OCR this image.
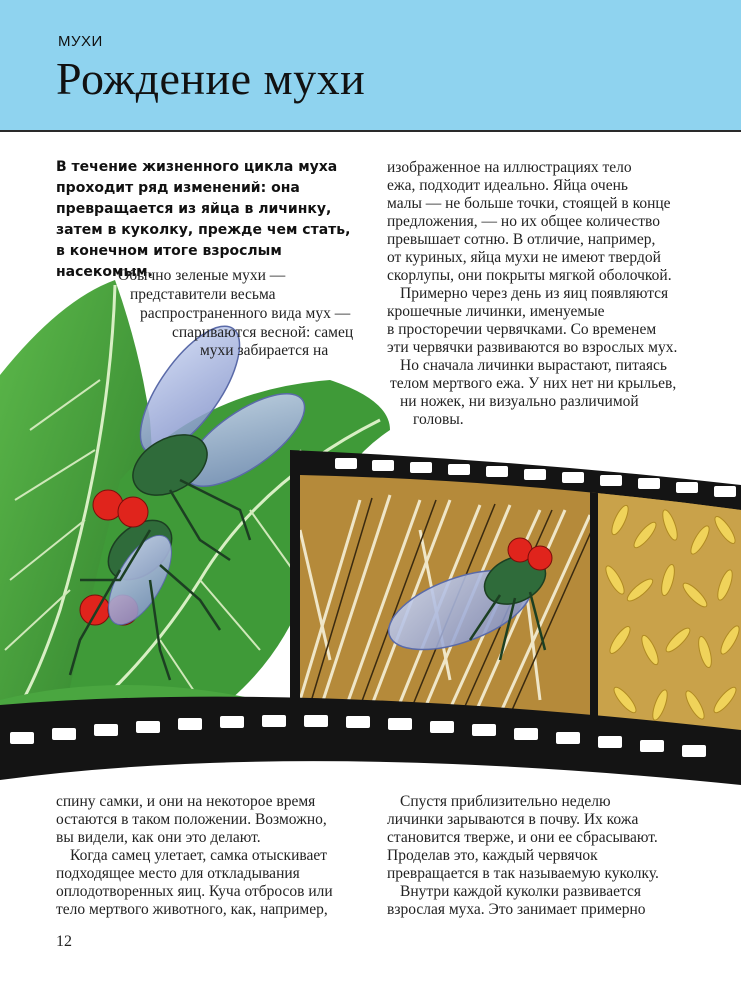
МУХИ
Рождение мухи
В течение жизненного цикла муха проходит ряд изменений: она превращается из яйца в личинку, затем в куколку, прежде чем стать, в конечном итоге взрослым насекомым.
Обычно зеленые мухи —
представители весьма
распространенного вида мух —
спариваются весной: самец
мухи забирается на
изображенное на иллюстрациях тело
ежа, подходит идеально. Яйца очень
малы — не больше точки, стоящей в конце
предложения, — но их общее количество
превышает сотню. В отличие, например,
от куриных, яйца мухи не имеют твердой
скорлупы, они покрыты мягкой оболочкой.
Примерно через день из яиц появляются
крошечные личинки, именуемые
в просторечии червячками. Со временем
эти червячки развиваются во взрослых мух.
Но сначала личинки вырастают, питаясь
телом мертвого ежа. У них нет ни крыльев,
ни ножек, ни визуально различимой
головы.
спину самки, и они на некоторое время
остаются в таком положении. Возможно,
вы видели, как они это делают.
Когда самец улетает, самка отыскивает
подходящее место для откладывания
оплодотворенных яиц. Куча отбросов или
тело мертвого животного, как, например,
Спустя приблизительно неделю
личинки зарываются в почву. Их кожа
становится тверже, и они ее сбрасывают.
Проделав это, каждый червячок
превращается в так называемую куколку.
Внутри каждой куколки развивается
взрослая муха. Это занимает примерно
12
